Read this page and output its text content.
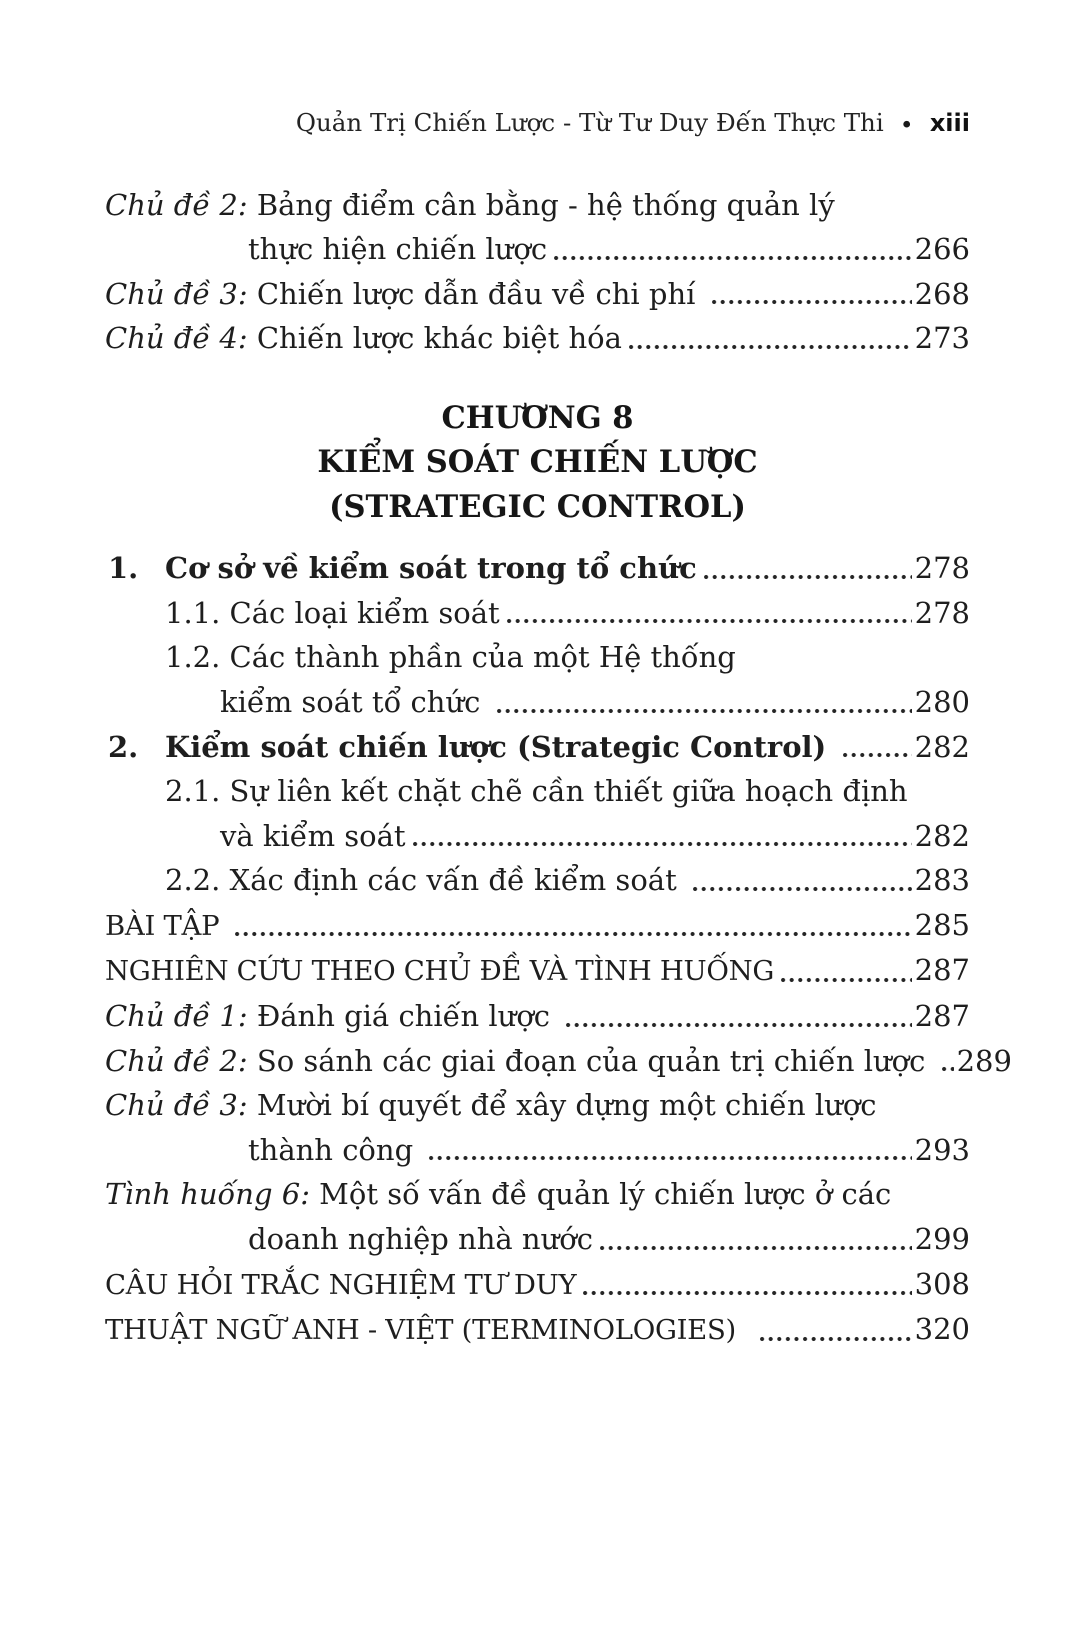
Quản Trị Chiến Lược - Từ Tư Duy Đến Thực Thi • xiii
Chủ đề 2: Bảng điểm cân bằng - hệ thống quản lý
thực hiện chiến lược	266
Chủ đề 3: Chiến lược dẫn đầu về chi phí	268
Chủ đề 4: Chiến lược khác biệt hóa	273
CHƯƠNG 8
KIỂM SOÁT CHIẾN LƯỢC
(STRATEGIC CONTROL)
1. Cơ sở về kiểm soát trong tổ chức	278
1.1. Các loại kiểm soát	278
1.2. Các thành phần của một Hệ thống
kiểm soát tổ chức	280
2. Kiểm soát chiến lược (Strategic Control)	282
2.1. Sự liên kết chặt chẽ cần thiết giữa hoạch định
và kiểm soát	282
2.2. Xác định các vấn đề kiểm soát	283
BÀI TẬP	285
NGHIÊN CỨU THEO CHỦ ĐỀ VÀ TÌNH HUỐNG	287
Chủ đề 1: Đánh giá chiến lược	287
Chủ đề 2: So sánh các giai đoạn của quản trị chiến lược 289
Chủ đề 3: Mười bí quyết để xây dựng một chiến lược
thành công	293
Tình huống 6: Một số vấn đề quản lý chiến lược ở các
doanh nghiệp nhà nước	299
CÂU HỎI TRẮC NGHIỆM TƯ DUY	308
THUẬT NGỮ ANH - VIỆT (TERMINOLOGIES)	320
